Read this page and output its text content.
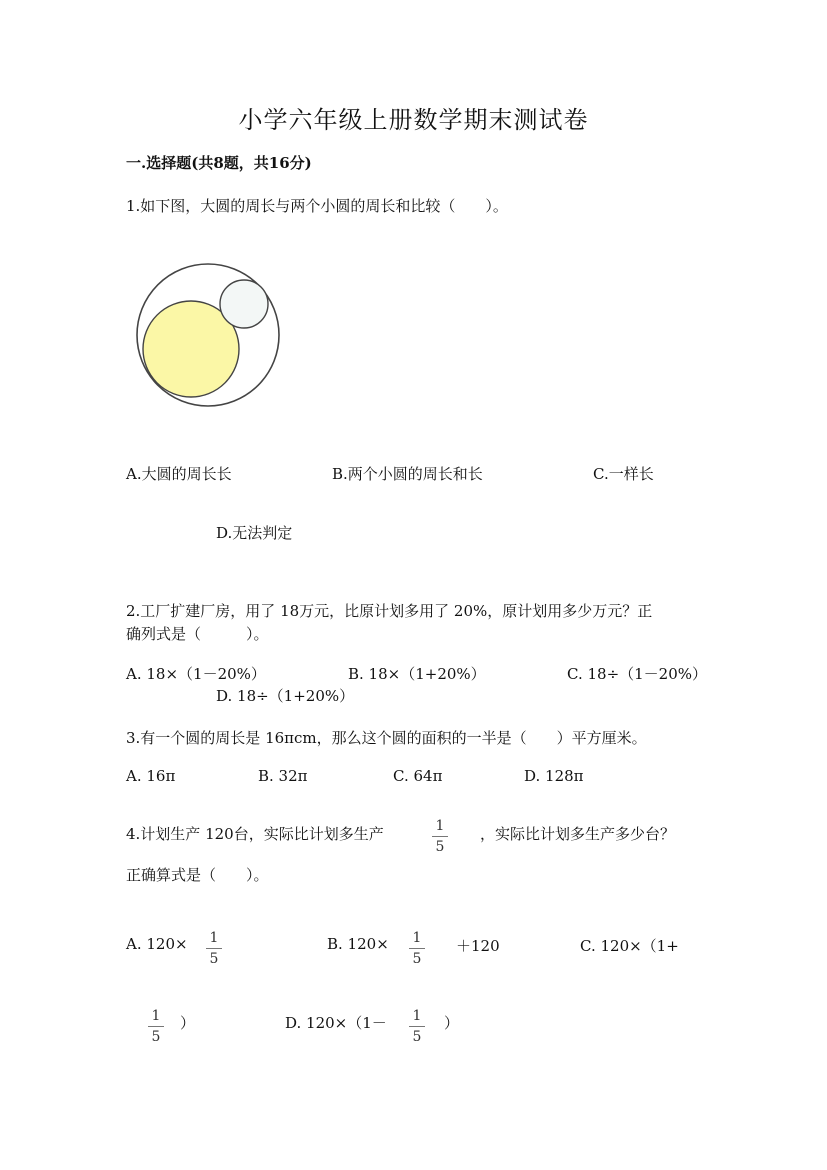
小学六年级上册数学期末测试卷
一.选择题(共8题，共16分)
1.如下图，大圆的周长与两个小圆的周长和比较（　　）。
A.大圆的周长长	B.两个小圆的周长和长	C.一样长
D.无法判定
2.工厂扩建厂房，用了 18万元，比原计划多用了 20%，原计划用多少万元？正
确列式是（　　　）。
A. 18×（1－20%）	B. 18×（1+20%）	C. 18÷（1－20%）
D. 18÷（1+20%）
3.有一个圆的周长是 16πcm，那么这个圆的面积的一半是（　　）平方厘米。
A. 16π	B. 32π	C. 64π	D. 128π
4.计划生产 120台，实际比计划多生产	1
5
，实际比计划多生产多少台？
正确算式是（　　）。
A. 120× 1
5
B. 120× 1
5
＋120	C. 120×（1+
1
5
）	D. 120×（1－ 1
5
）
